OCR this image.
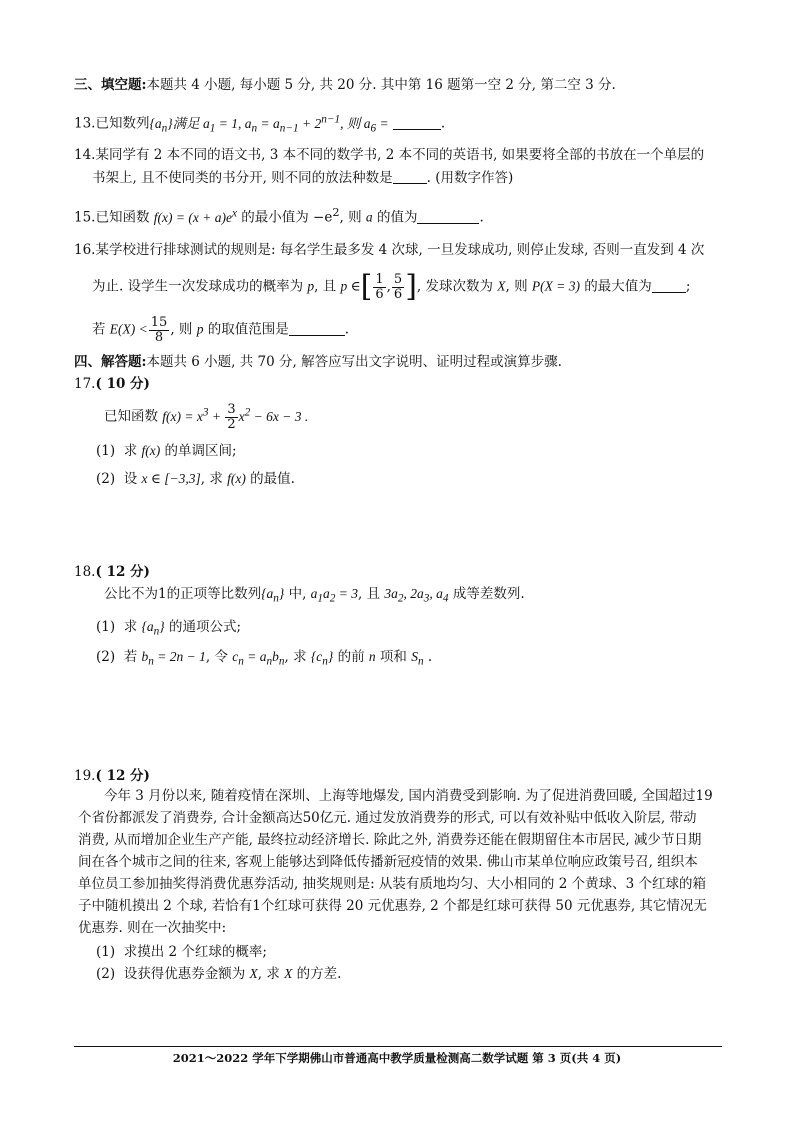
三、填空题:本题共 4 小题, 每小题 5 分, 共 20 分. 其中第 16 题第一空 2 分, 第二空 3 分.
13.已知数列$\{a_n\}$满足 $a_1 = 1$, $a_n = a_{n-1} + 2^{n-1}$, 则 $a_6$ =	.
14.某同学有 2 本不同的语文书, 3 本不同的数学书, 2 本不同的英语书, 如果要将全部的书放在一个单层的
书架上, 且不使同类的书分开, 则不同的放法种数是	. (用数字作答)
15.已知函数 $f(x) = (x + a)e^x$ 的最小值为 $-e^2$, 则 a 的值为	.
16.某学校进行排球测试的规则是: 每名学生最多发 4 次球, 一旦发球成功, 则停止发球, 否则一直发到 4 次
为止. 设学生一次发球成功的概率为 p, 且 p ∈[ $\frac{1}{6}$ , $\frac{5}{6}$ ], 发球次数为 X, 则 P(X = 3) 的最大值为	;
若 $E(X) < \frac{15}{8}$ , 则 p 的取值范围是	.
四、解答题:本题共 6 小题, 共 70 分, 解答应写出文字说明、证明过程或演算步骤.
17.( 10 分)
已知函数 $f(x) = x^3 + \frac{3}{2} x^2 - 6x - 3$ .
(1) 求 f(x) 的单调区间;
(2) 设 x ∈ [−3,3], 求 f(x) 的最值.
18.( 12 分)
公比不为1的正项等比数列$\{a_n\}$ 中, $a_1a_2 = 3$, 且 $3a_2$, $2a_3$, $a_4$ 成等差数列.
(1) 求 $\{a_n\}$ 的通项公式;
(2) 若 $b_n = 2n - 1$, 令 $c_n = a_nb_n$, 求 $\{c_n\}$ 的前 n 项和 $S_n$ .
19.( 12 分)
今年 3 月份以来, 随着疫情在深圳、上海等地爆发, 国内消费受到影响. 为了促进消费回暖, 全国超过19
个省份都派发了消费券, 合计金额高达50亿元. 通过发放消费券的形式, 可以有效补贴中低收入阶层, 带动
消费, 从而增加企业生产产能, 最终拉动经济增长. 除此之外, 消费券还能在假期留住本市居民, 减少节日期
间在各个城市之间的往来, 客观上能够达到降低传播新冠疫情的效果. 佛山市某单位响应政策号召, 组织本
单位员工参加抽奖得消费优惠券活动, 抽奖规则是: 从装有质地均匀、大小相同的 2 个黄球、3 个红球的箱
子中随机摸出 2 个球, 若恰有1个红球可获得 20 元优惠券, 2 个都是红球可获得 50 元优惠券, 其它情况无
优惠券. 则在一次抽奖中:
(1) 求摸出 2 个红球的概率;
(2) 设获得优惠券金额为 X, 求 X 的方差.
2021～2022 学年下学期佛山市普通高中教学质量检测高二数学试题 第 3 页(共 4 页)
